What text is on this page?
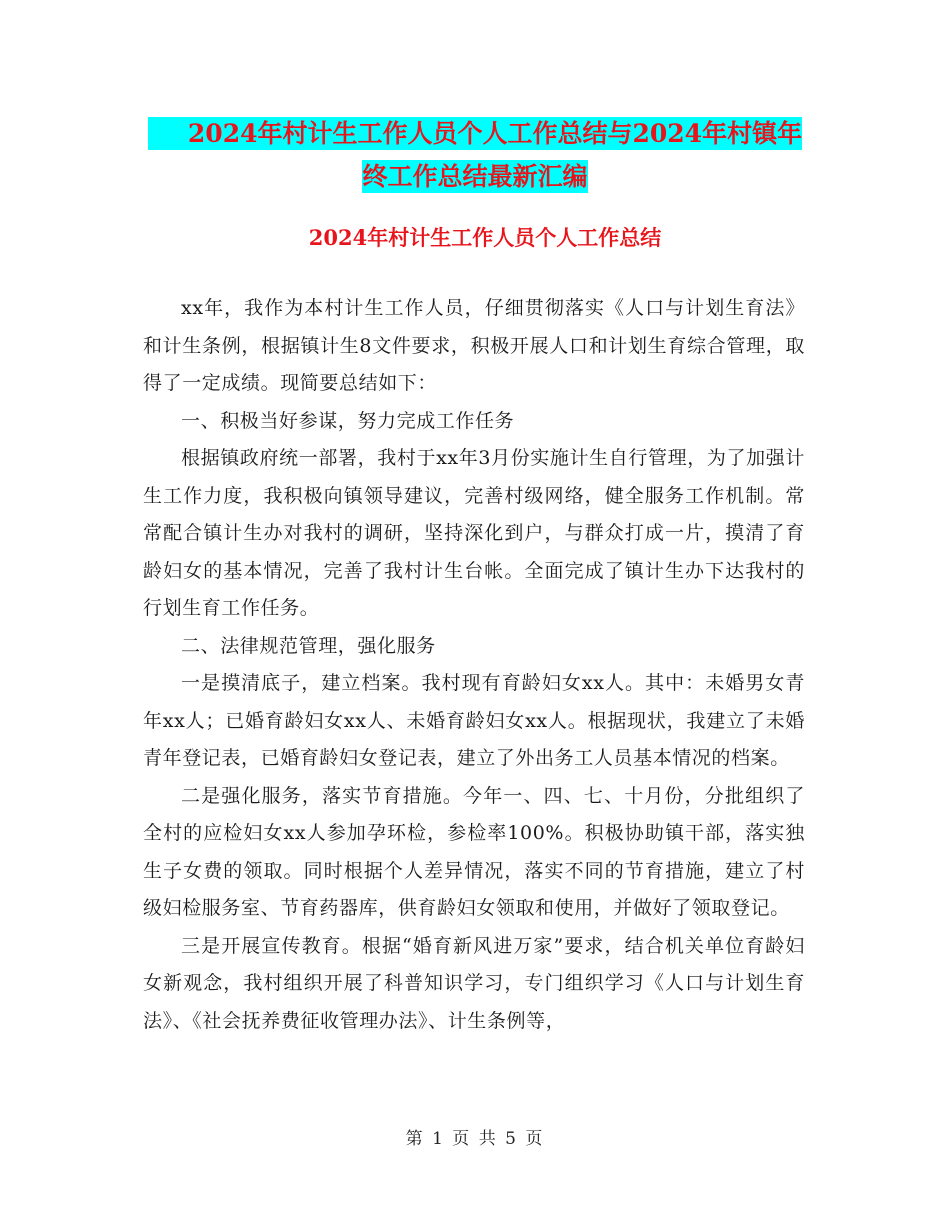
2024年村计生工作人员个人工作总结与2024年村镇年
终工作总结最新汇编
2024年村计生工作人员个人工作总结

xx年，我作为本村计生工作人员，仔细贯彻落实《人口与计划生育法》和计生条例，根据镇计生8文件要求，积极开展人口和计划生育综合管理，取得了一定成绩。现简要总结如下：

一、积极当好参谋，努力完成工作任务

根据镇政府统一部署，我村于xx年3月份实施计生自行管理，为了加强计生工作力度，我积极向镇领导建议，完善村级网络，健全服务工作机制。常常配合镇计生办对我村的调研，坚持深化到户，与群众打成一片，摸清了育龄妇女的基本情况，完善了我村计生台帐。全面完成了镇计生办下达我村的行划生育工作任务。

二、法律规范管理，强化服务

一是摸清底子，建立档案。我村现有育龄妇女xx人。其中：未婚男女青年xx人；已婚育龄妇女xx人、未婚育龄妇女xx人。根据现状，我建立了未婚青年登记表，已婚育龄妇女登记表，建立了外出务工人员基本情况的档案。

二是强化服务，落实节育措施。今年一、四、七、十月份，分批组织了全村的应检妇女xx人参加孕环检，参检率100%。积极协助镇干部，落实独生子女费的领取。同时根据个人差异情况，落实不同的节育措施，建立了村级妇检服务室、节育药器库，供育龄妇女领取和使用，并做好了领取登记。

三是开展宣传教育。根据“婚育新风进万家”要求，结合机关单位育龄妇女新观念，我村组织开展了科普知识学习，专门组织学习《人口与计划生育法》、《社会抚养费征收管理办法》、计生条例等，

第 1 页 共 5 页
